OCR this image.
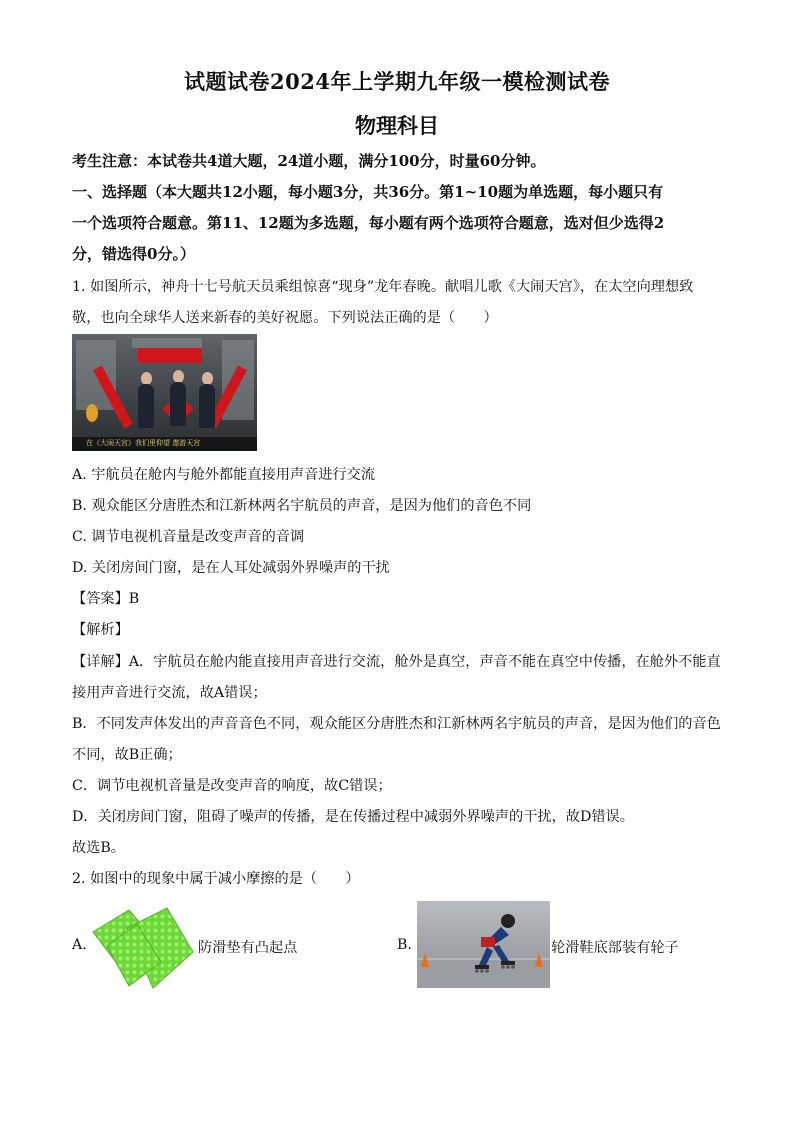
试题试卷2024年上学期九年级一模检测试卷
物理科目
考生注意：本试卷共4道大题，24道小题，满分100分，时量60分钟。
一、选择题（本大题共12小题，每小题3分，共36分。第1~10题为单选题，每小题只有
一个选项符合题意。第11、12题为多选题，每小题有两个选项符合题意，选对但少选得2
分，错选得0分。）
1. 如图所示，神舟十七号航天员乘组惊喜“现身”龙年春晚。献唱儿歌《大闹天宫》，在太空向理想致
敬，也向全球华人送来新春的美好祝愿。下列说法正确的是（　　）
在《大闹天宫》我们里仰望 遨游天宫
A. 宇航员在舱内与舱外都能直接用声音进行交流
B. 观众能区分唐胜杰和江新林两名宇航员的声音，是因为他们的音色不同
C. 调节电视机音量是改变声音的音调
D. 关闭房间门窗，是在人耳处减弱外界噪声的干扰
【答案】B
【解析】
【详解】A．宇航员在舱内能直接用声音进行交流，舱外是真空，声音不能在真空中传播，在舱外不能直
接用声音进行交流，故A错误；
B．不同发声体发出的声音音色不同，观众能区分唐胜杰和江新林两名宇航员的声音，是因为他们的音色
不同，故B正确；
C．调节电视机音量是改变声音的响度，故C错误；
D．关闭房间门窗，阻碍了噪声的传播，是在传播过程中减弱外界噪声的干扰，故D错误。
故选B。
2. 如图中的现象中属于减小摩擦的是（　　）
A.	防滑垫有凸起点	B.	轮滑鞋底部装有轮子
